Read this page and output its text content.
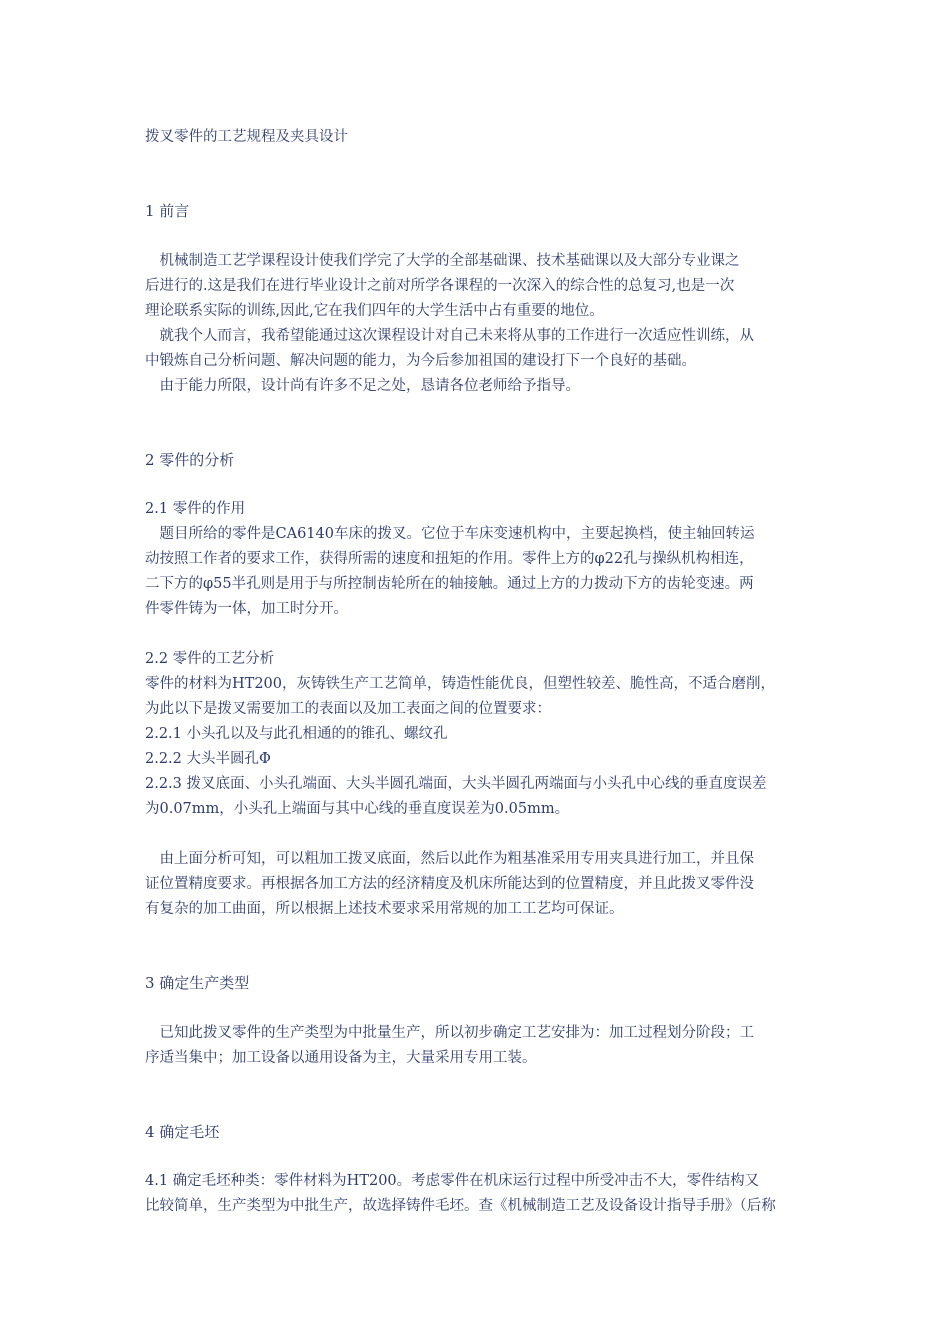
拨叉零件的工艺规程及夹具设计
1 前言
　机械制造工艺学课程设计使我们学完了大学的全部基础课、技术基础课以及大部分专业课之
后进行的.这是我们在进行毕业设计之前对所学各课程的一次深入的综合性的总复习,也是一次
理论联系实际的训练,因此,它在我们四年的大学生活中占有重要的地位。
　就我个人而言，我希望能通过这次课程设计对自己未来将从事的工作进行一次适应性训练，从
中锻炼自己分析问题、解决问题的能力，为今后参加祖国的建设打下一个良好的基础。
　由于能力所限，设计尚有许多不足之处，恳请各位老师给予指导。
2 零件的分析
2.1 零件的作用
　题目所给的零件是CA6140车床的拨叉。它位于车床变速机构中，主要起换档，使主轴回转运
动按照工作者的要求工作，获得所需的速度和扭矩的作用。零件上方的φ22孔与操纵机构相连，
二下方的φ55半孔则是用于与所控制齿轮所在的轴接触。通过上方的力拨动下方的齿轮变速。两
件零件铸为一体，加工时分开。
2.2 零件的工艺分析
零件的材料为HT200，灰铸铁生产工艺简单，铸造性能优良，但塑性较差、脆性高，不适合磨削，
为此以下是拨叉需要加工的表面以及加工表面之间的位置要求：
2.2.1 小头孔以及与此孔相通的的锥孔、螺纹孔
2.2.2 大头半圆孔Φ
2.2.3 拨叉底面、小头孔端面、大头半圆孔端面，大头半圆孔两端面与小头孔中心线的垂直度误差
为0.07mm，小头孔上端面与其中心线的垂直度误差为0.05mm。
　由上面分析可知，可以粗加工拨叉底面，然后以此作为粗基准采用专用夹具进行加工，并且保
证位置精度要求。再根据各加工方法的经济精度及机床所能达到的位置精度，并且此拨叉零件没
有复杂的加工曲面，所以根据上述技术要求采用常规的加工工艺均可保证。
3 确定生产类型
　已知此拨叉零件的生产类型为中批量生产，所以初步确定工艺安排为：加工过程划分阶段；工
序适当集中；加工设备以通用设备为主，大量采用专用工装。
4 确定毛坯
4.1 确定毛坯种类：零件材料为HT200。考虑零件在机床运行过程中所受冲击不大，零件结构又
比较简单，生产类型为中批生产，故选择铸件毛坯。查《机械制造工艺及设备设计指导手册》（后称
